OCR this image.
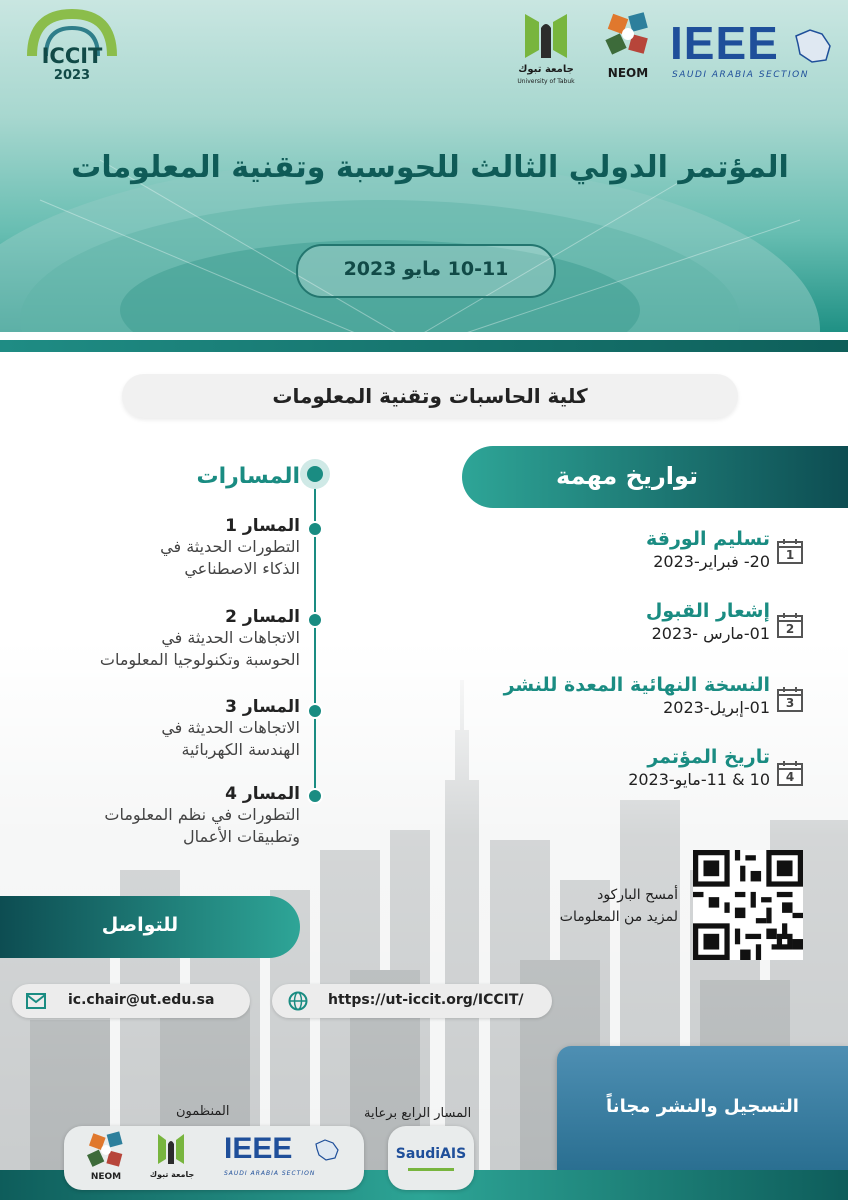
ICCIT
2023	جامعة تبوك
University of Tabuk
NEOM
IEEE
SAUDI ARABIA SECTION
المؤتمر الدولي الثالث للحوسبة وتقنية المعلومات
10-11 مايو 2023
كلية الحاسبات وتقنية المعلومات
تواريخ مهمة
تسليم الورقة
20- فبراير-2023
إشعار القبول
01-مارس -2023
النسخة النهائية المعدة للنشر
01-إبريل-2023
تاريخ المؤتمر
10 & 11-مايو-2023
1
2
3
4
المسارات
المسار 1
التطورات الحديثة في
الذكاء الاصطناعي
المسار 2
الاتجاهات الحديثة في
الحوسبة وتكنولوجيا المعلومات
المسار 3
الاتجاهات الحديثة في
الهندسة الكهربائية
المسار 4
التطورات في نظم المعلومات
وتطبيقات الأعمال
أمسح الباركود
لمزيد من المعلومات
للتواصل
ic.chair@ut.edu.sa	https://ut-iccit.org/ICCIT/
التسجيل والنشر مجاناً
المنظمون	المسار الرابع برعاية
NEOM	جامعة تبوك
IEEE
SAUDI ARABIA SECTION
SaudiAIS
